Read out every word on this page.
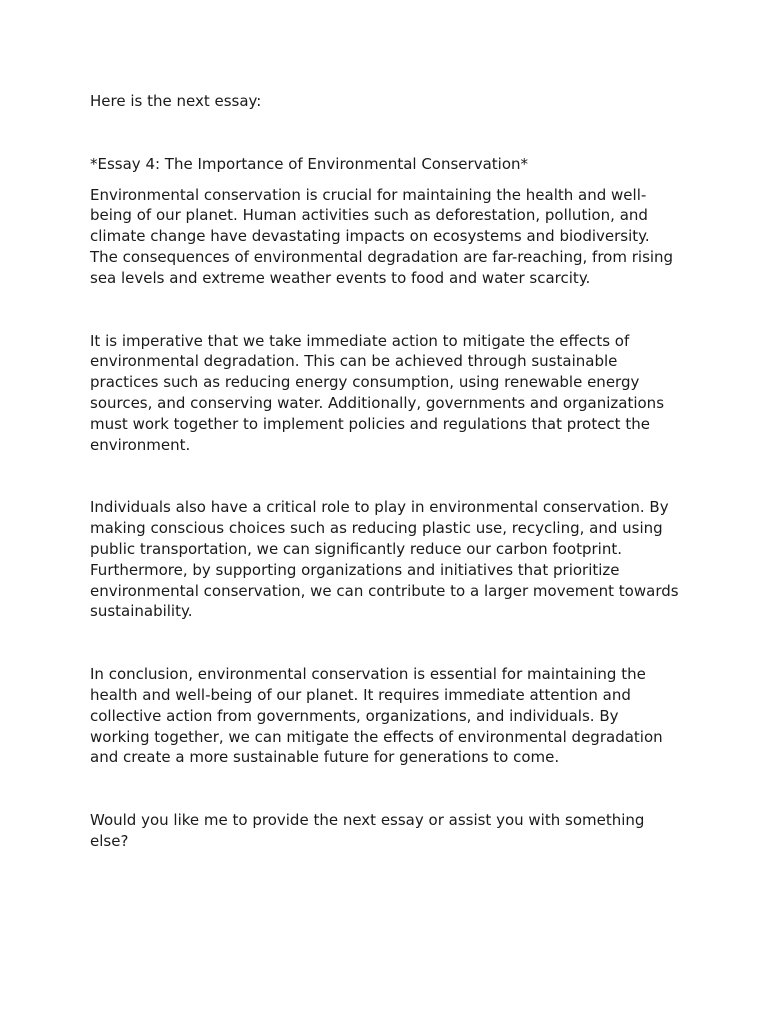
Here is the next essay:

*Essay 4: The Importance of Environmental Conservation*

Environmental conservation is crucial for maintaining the health and well-being of our planet. Human activities such as deforestation, pollution, and climate change have devastating impacts on ecosystems and biodiversity. The consequences of environmental degradation are far-reaching, from rising sea levels and extreme weather events to food and water scarcity.

It is imperative that we take immediate action to mitigate the effects of environmental degradation. This can be achieved through sustainable practices such as reducing energy consumption, using renewable energy sources, and conserving water. Additionally, governments and organizations must work together to implement policies and regulations that protect the environment.

Individuals also have a critical role to play in environmental conservation. By making conscious choices such as reducing plastic use, recycling, and using public transportation, we can significantly reduce our carbon footprint. Furthermore, by supporting organizations and initiatives that prioritize environmental conservation, we can contribute to a larger movement towards sustainability.

In conclusion, environmental conservation is essential for maintaining the health and well-being of our planet. It requires immediate attention and collective action from governments, organizations, and individuals. By working together, we can mitigate the effects of environmental degradation and create a more sustainable future for generations to come.

Would you like me to provide the next essay or assist you with something else?
